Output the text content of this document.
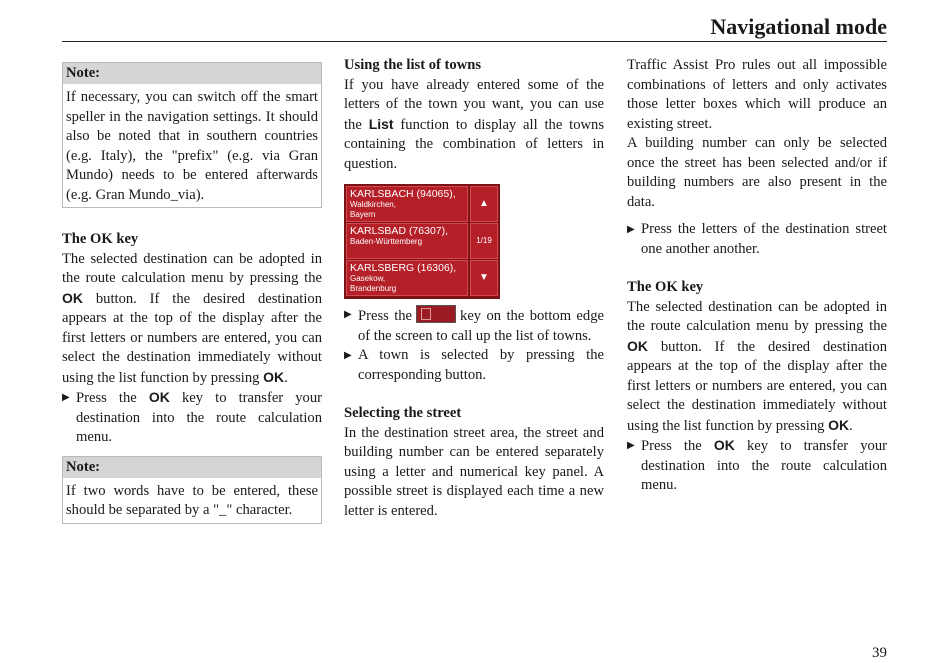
Navigational mode
Note:
If necessary, you can switch off the smart speller in the navigation settings. It should also be noted that in southern countries (e.g. Italy), the "prefix" (e.g. via Gran Mundo) needs to be entered afterwards (e.g. Gran Mundo_via).

The OK key

The selected destination can be adopted in the route calculation menu by pressing the OK button. If the desired destination appears at the top of the display after the first letters or numbers are entered, you can select the destination immediately without using the list function by pressing OK.

▶ Press the OK key to transfer your destination into the route calculation menu.

Note:
If two words have to be entered, these should be separated by a "_" character.

Using the list of towns

If you have already entered some of the letters of the town you want, you can use the List function to display all the towns containing the combination of letters in question.

KARLSBACH (94065),
Waldkirchen,
Bayern
KARLSBAD (76307),
Baden-Württemberg
KARLSBERG (16306),
Gasekow,
Brandenburg
▲
1/19
▼

▶ Press the	key on the bottom edge of the screen to call up the list of towns.

▶ A town is selected by pressing the corresponding button.

Selecting the street

In the destination street area, the street and building number can be entered separately using a letter and numerical key panel. A possible street is displayed each time a new letter is entered.

Traffic Assist Pro rules out all impossible combinations of letters and only activates those letter boxes which will produce an existing street.

A building number can only be selected once the street has been selected and/or if building numbers are also present in the data.

▶ Press the letters of the destination street one another another.

The OK key

The selected destination can be adopted in the route calculation menu by pressing the OK button. If the desired destination appears at the top of the display after the first letters or numbers are entered, you can select the destination immediately without using the list function by pressing OK.

▶ Press the OK key to transfer your destination into the route calculation menu.

39
